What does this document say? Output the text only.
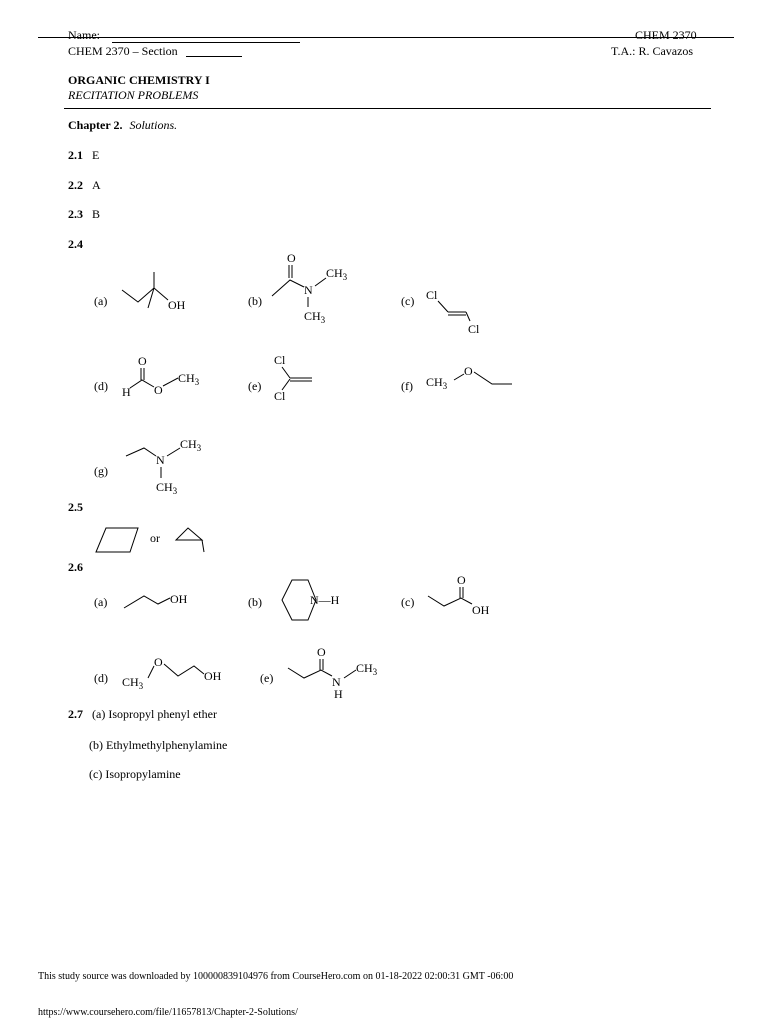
Name:	CHEM 2370
CHEM 2370 – Section	T.A.: R. Cavazos
ORGANIC CHEMISTRY I
RECITATION PROBLEMS
Chapter 2. Solutions.
2.1 E
2.2 A
2.3 B
2.4
(a)	OH	(b)
O
N
$CH_3$
$CH_3$
(c) Cl
Cl
(d)
O
H O
$CH_3$	(e)
Cl
Cl
(f) $CH_3$
O
(g)
N
$CH_3$
$CH_3$
2.5
or
2.6
(a)	OH	(b)	N—H	(c)
O
OH
(d) $CH_3$
O
OH	(e)
O
N
$CH_3$
H
2.7 (a) Isopropyl phenyl ether
(b) Ethylmethylphenylamine
(c) Isopropylamine
This study source was downloaded by 100000839104976 from CourseHero.com on 01-18-2022 02:00:31 GMT -06:00
https://www.coursehero.com/file/11657813/Chapter-2-Solutions/
